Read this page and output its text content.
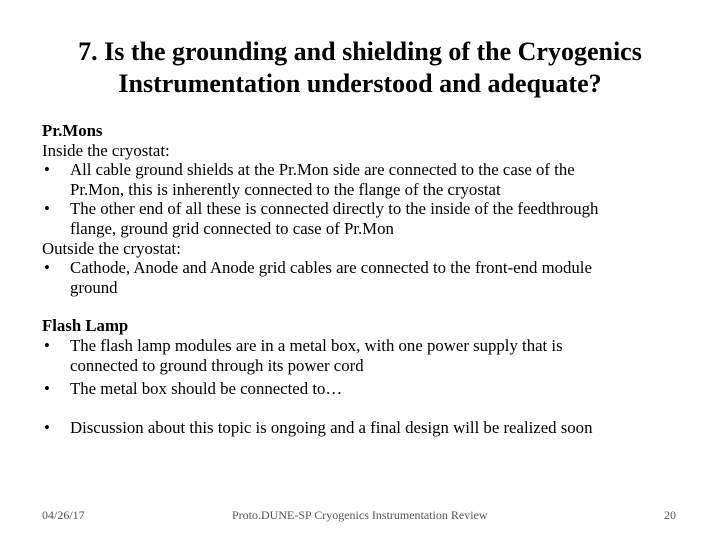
7. Is the grounding and shielding of the Cryogenics
Instrumentation understood and adequate?
Pr.Mons
Inside the cryostat:
• All cable ground shields at the Pr.Mon side are connected to the case of the
Pr.Mon, this is inherently connected to the flange of the cryostat
• The other end of all these is connected directly to the inside of the feedthrough
flange, ground grid connected to case of Pr.Mon
Outside the cryostat:
• Cathode, Anode and Anode grid cables are connected to the front-end module
ground
Flash Lamp
• The flash lamp modules are in a metal box, with one power supply that is
connected to ground through its power cord
• The metal box should be connected to…
• Discussion about this topic is ongoing and a final design will be realized soon
04/26/17	Proto.DUNE-SP Cryogenics Instrumentation Review	20
